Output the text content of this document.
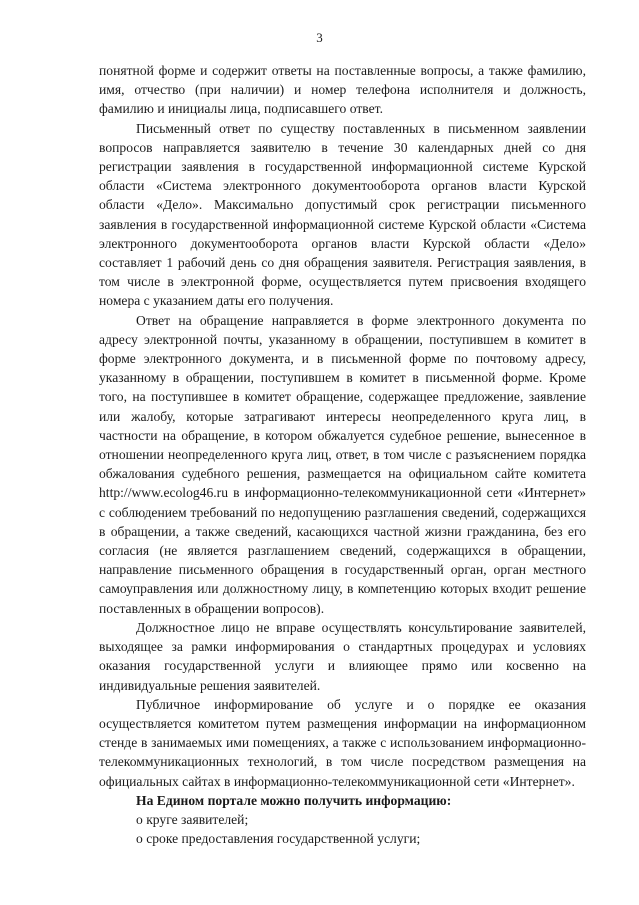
3

понятной форме и содержит ответы на поставленные вопросы, а также фамилию, имя, отчество (при наличии) и номер телефона исполнителя и должность, фамилию и инициалы лица, подписавшего ответ.

Письменный ответ по существу поставленных в письменном заявлении вопросов направляется заявителю в течение 30 календарных дней со дня регистрации заявления в государственной информационной системе Курской области «Система электронного документооборота органов власти Курской области «Дело». Максимально допустимый срок регистрации письменного заявления в государственной информационной системе Курской области «Система электронного документооборота органов власти Курской области «Дело» составляет 1 рабочий день со дня обращения заявителя. Регистрация заявления, в том числе в электронной форме, осуществляется путем присвоения входящего номера с указанием даты его получения.

Ответ на обращение направляется в форме электронного документа по адресу электронной почты, указанному в обращении, поступившем в комитет в форме электронного документа, и в письменной форме по почтовому адресу, указанному в обращении, поступившем в комитет в письменной форме. Кроме того, на поступившее в комитет обращение, содержащее предложение, заявление или жалобу, которые затрагивают интересы неопределенного круга лиц, в частности на обращение, в котором обжалуется судебное решение, вынесенное в отношении неопределенного круга лиц, ответ, в том числе с разъяснением порядка обжалования судебного решения, размещается на официальном сайте комитета http://www.ecolog46.ru в информационно-телекоммуникационной сети «Интернет» с соблюдением требований по недопущению разглашения сведений, содержащихся в обращении, а также сведений, касающихся частной жизни гражданина, без его согласия (не является разглашением сведений, содержащихся в обращении, направление письменного обращения в государственный орган, орган местного самоуправления или должностному лицу, в компетенцию которых входит решение поставленных в обращении вопросов).

Должностное лицо не вправе осуществлять консультирование заявителей, выходящее за рамки информирования о стандартных процедурах и условиях оказания государственной услуги и влияющее прямо или косвенно на индивидуальные решения заявителей.

Публичное информирование об услуге и о порядке ее оказания осуществляется комитетом путем размещения информации на информационном стенде в занимаемых ими помещениях, а также с использованием информационно-телекоммуникационных технологий, в том числе посредством размещения на официальных сайтах в информационно-телекоммуникационной сети «Интернет».

На Едином портале можно получить информацию:

о круге заявителей;

о сроке предоставления государственной услуги;
